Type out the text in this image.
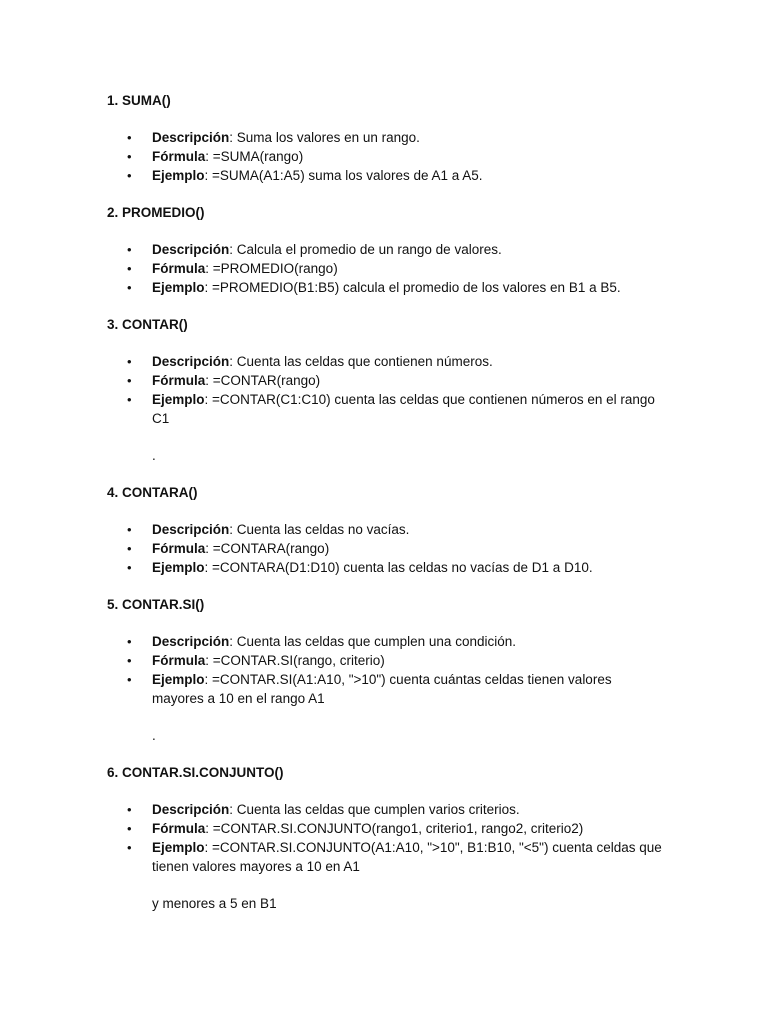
1. SUMA()
• Descripción: Suma los valores en un rango.
• Fórmula: =SUMA(rango)
• Ejemplo: =SUMA(A1:A5) suma los valores de A1 a A5.
2. PROMEDIO()
• Descripción: Calcula el promedio de un rango de valores.
• Fórmula: =PROMEDIO(rango)
• Ejemplo: =PROMEDIO(B1:B5) calcula el promedio de los valores en B1 a B5.
3. CONTAR()
• Descripción: Cuenta las celdas que contienen números.
• Fórmula: =CONTAR(rango)
• Ejemplo: =CONTAR(C1:C10) cuenta las celdas que contienen números en el rango
C1
.
4. CONTARA()
• Descripción: Cuenta las celdas no vacías.
• Fórmula: =CONTARA(rango)
• Ejemplo: =CONTARA(D1:D10) cuenta las celdas no vacías de D1 a D10.
5. CONTAR.SI()
• Descripción: Cuenta las celdas que cumplen una condición.
• Fórmula: =CONTAR.SI(rango, criterio)
• Ejemplo: =CONTAR.SI(A1:A10, ">10") cuenta cuántas celdas tienen valores
mayores a 10 en el rango A1
.
6. CONTAR.SI.CONJUNTO()
• Descripción: Cuenta las celdas que cumplen varios criterios.
• Fórmula: =CONTAR.SI.CONJUNTO(rango1, criterio1, rango2, criterio2)
• Ejemplo: =CONTAR.SI.CONJUNTO(A1:A10, ">10", B1:B10, "<5") cuenta celdas que
tienen valores mayores a 10 en A1
y menores a 5 en B1
